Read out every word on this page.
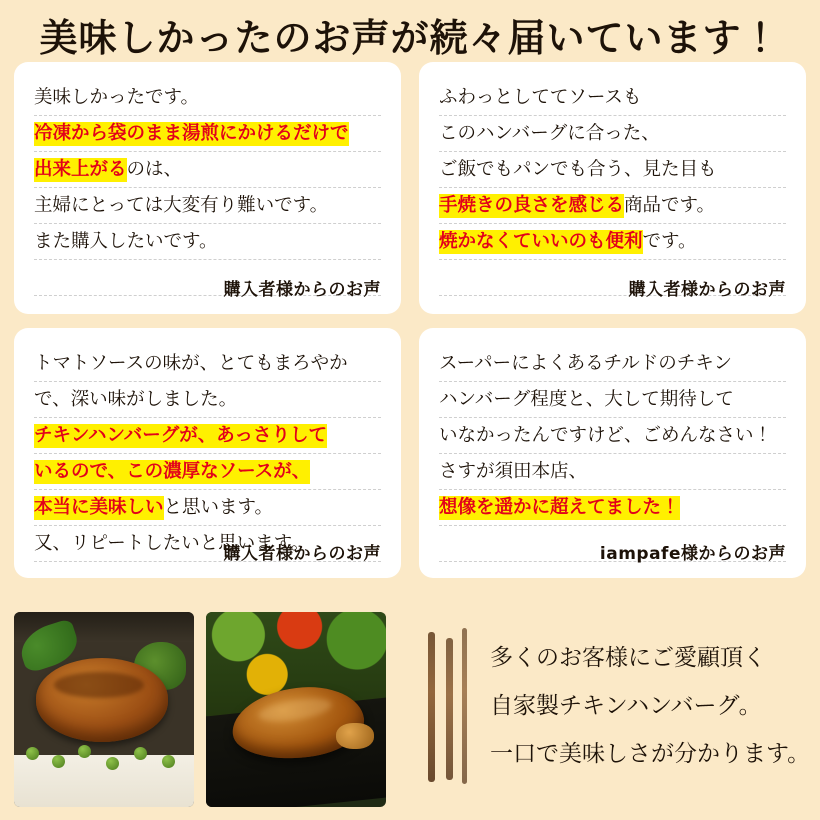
美味しかったのお声が続々届いています！
美味しかったです。
冷凍から袋のまま湯煎にかけるだけで
出来上がるのは、
主婦にとっては大変有り難いです。
また購入したいです。

購入者様からのお声
ふわっとしててソースも
このハンバーグに合った、
ご飯でもパンでも合う、見た目も
手焼きの良さを感じる商品です。
焼かなくていいのも便利です。

購入者様からのお声
トマトソースの味が、とてもまろやか
で、深い味がしました。
チキンハンバーグが、あっさりして
いるので、この濃厚なソースが、
本当に美味しいと思います。
又、リピートしたいと思います。
購入者様からのお声
スーパーによくあるチルドのチキン
ハンバーグ程度と、大して期待して
いなかったんですけど、ごめんなさい！
さすが須田本店、
想像を遥かに超えてました！

iampafe様からのお声
多くのお客様にご愛顧頂く
自家製チキンハンバーグ。
一口で美味しさが分かります。
